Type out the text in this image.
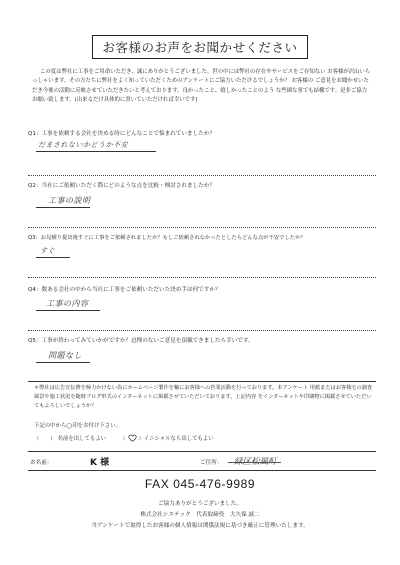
お客様のお声をお聞かせください

この度は弊社に工事をご用命いただき、誠にありがとうございました。世の中には弊社の存在やサービスをご存知ない お客様が沢山いらっしゃいます。その方たちに弊社をよく知っていただくためのアンケートにご協力いただけるでしょうか？ お客様の ご意見をお聞かせいただき今後の活動に反映させていただきたいと考えております。良かったこと、嬉しかったことのよう な些細な事でも結構です。是非ご協力お願い致します。(出来るだけ具体的に書いていただければ幸いです)

Q1：工事を依頼する会社を決める時にどんなことで悩まれていましたか？
だまされないかどうか不安
Q2：当社にご依頼いただく際にどのような点を比較・検討されましたか？
工事の説明
Q3：お見積り提出後すぐに工事をご依頼されましたか？もしご依頼されなかったとしたらどんな点が不安でしたか？
すぐ
Q4：数ある会社の中から当社に工事をご依頼いただいた決め手は何ですか？
工事の内容
Q5：工事が終わってみていかがですか？忌憚のないご意見を頂戴できましたら幸いです。
問題なし

＊弊社は広告宣伝費を極力かけない為にホームページ製作を軸にお客様への営業活動を行っております。本アンケート 用紙またはお客様宅の調査風景や施工状況を随時ブログ形式のインターネットに掲載させていただいております。上記内容 をインターネットや印刷物に掲載させていただいてもよろしいでしょうか？

下記の中から◯印をお付け下さい。
（　　） 名前を出してもよい	（ ）イニシャルなら出してもよい
お名前：	K 様	ご住所： 緑区松風町
FAX 045-476-9989
ご協力ありがとうございました。
株式会社シエテック　代表取締役　大久保 誠二
当アンケートで取得したお客様の個人情報は関係法規に基づき厳正に管理いたします。
